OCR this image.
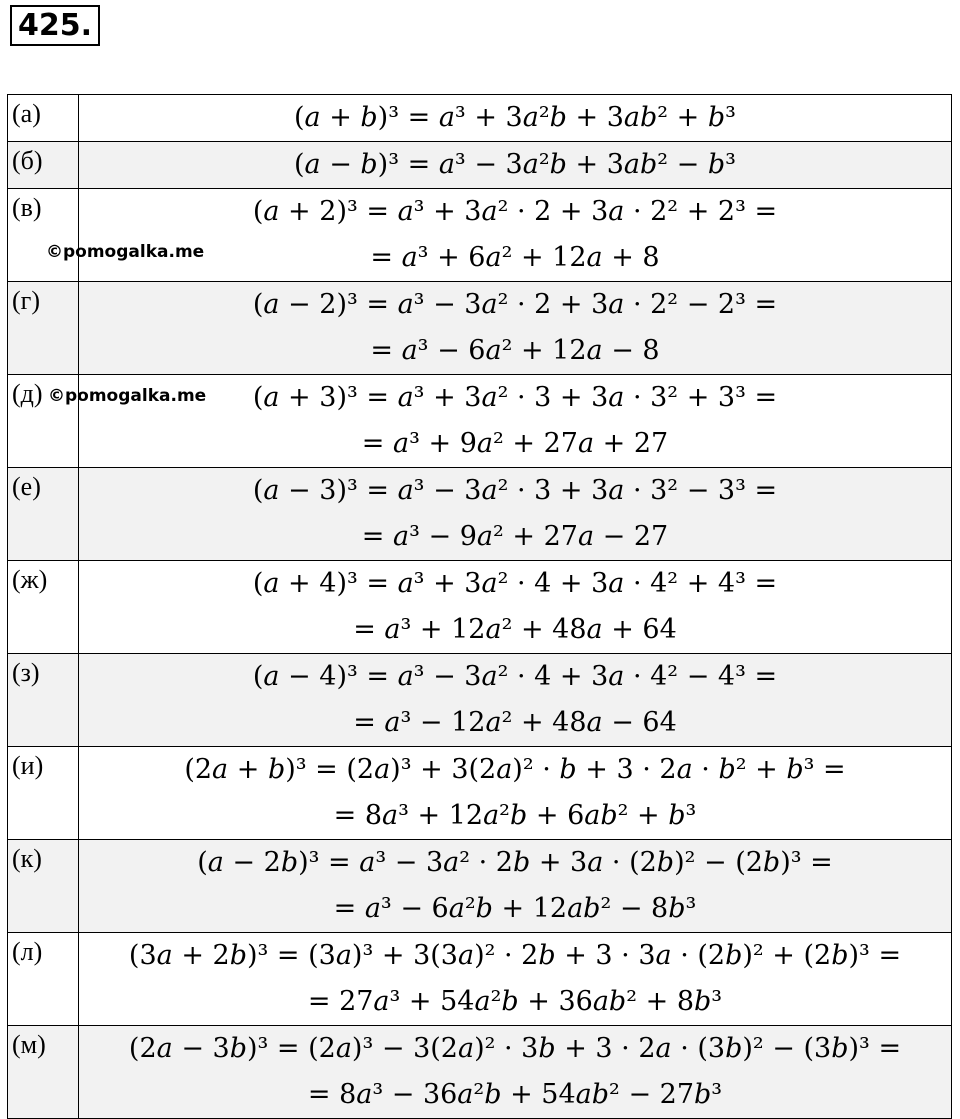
425.
(а)	(𝑎 + 𝑏)³ = 𝑎³ + 3𝑎²𝑏 + 3𝑎𝑏² + 𝑏³

(б)	(𝑎 − 𝑏)³ = 𝑎³ − 3𝑎²𝑏 + 3𝑎𝑏² − 𝑏³

(в)	(𝑎 + 2)³ = 𝑎³ + 3𝑎² · 2 + 3𝑎 · 2² + 2³ =
= 𝑎³ + 6𝑎² + 12𝑎 + 8

(г)	(𝑎 − 2)³ = 𝑎³ − 3𝑎² · 2 + 3𝑎 · 2² − 2³ =
= 𝑎³ − 6𝑎² + 12𝑎 − 8

(д)	(𝑎 + 3)³ = 𝑎³ + 3𝑎² · 3 + 3𝑎 · 3² + 3³ =
= 𝑎³ + 9𝑎² + 27𝑎 + 27

(е)	(𝑎 − 3)³ = 𝑎³ − 3𝑎² · 3 + 3𝑎 · 3² − 3³ =
= 𝑎³ − 9𝑎² + 27𝑎 − 27

(ж)	(𝑎 + 4)³ = 𝑎³ + 3𝑎² · 4 + 3𝑎 · 4² + 4³ =
= 𝑎³ + 12𝑎² + 48𝑎 + 64

(з)	(𝑎 − 4)³ = 𝑎³ − 3𝑎² · 4 + 3𝑎 · 4² − 4³ =
= 𝑎³ − 12𝑎² + 48𝑎 − 64

(и)	(2𝑎 + 𝑏)³ = (2𝑎)³ + 3(2𝑎)² · 𝑏 + 3 · 2𝑎 · 𝑏² + 𝑏³ =
= 8𝑎³ + 12𝑎²𝑏 + 6𝑎𝑏² + 𝑏³

(к)	(𝑎 − 2𝑏)³ = 𝑎³ − 3𝑎² · 2𝑏 + 3𝑎 · (2𝑏)² − (2𝑏)³ =
= 𝑎³ − 6𝑎²𝑏 + 12𝑎𝑏² − 8𝑏³

(л)	(3𝑎 + 2𝑏)³ = (3𝑎)³ + 3(3𝑎)² · 2𝑏 + 3 · 3𝑎 · (2𝑏)² + (2𝑏)³ =
= 27𝑎³ + 54𝑎²𝑏 + 36𝑎𝑏² + 8𝑏³

(м)	(2𝑎 − 3𝑏)³ = (2𝑎)³ − 3(2𝑎)² · 3𝑏 + 3 · 2𝑎 · (3𝑏)² − (3𝑏)³ =
= 8𝑎³ − 36𝑎²𝑏 + 54𝑎𝑏² − 27𝑏³
©pomogalka.me
©pomogalka.me
